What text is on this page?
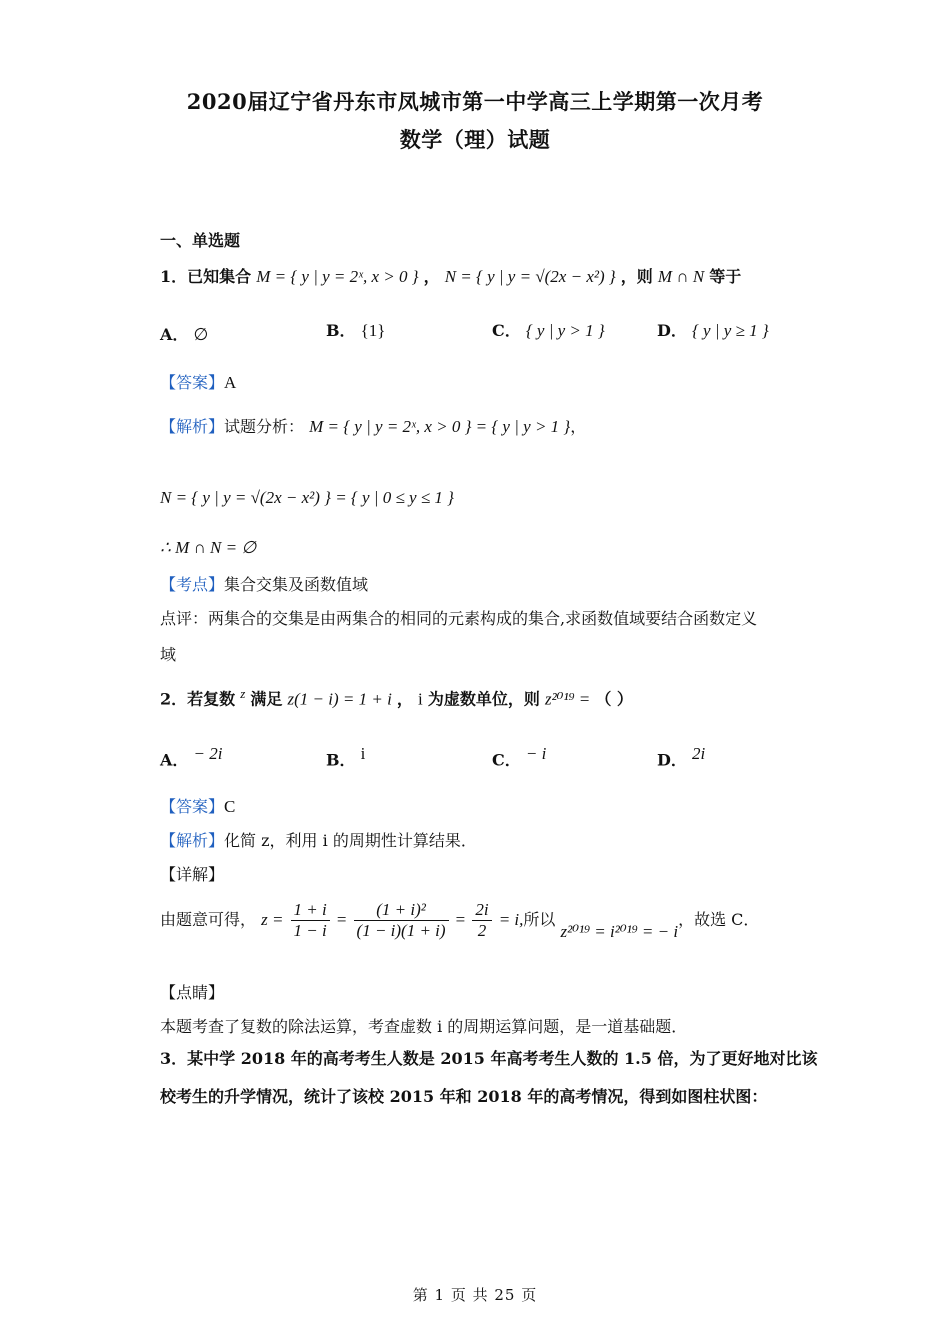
2020届辽宁省丹东市凤城市第一中学高三上学期第一次月考
数学（理）试题
一、单选题
1．已知集合 M = { y | y = 2ˣ, x > 0 } ， N = { y | y = √(2x − x²) } ，则 M ∩ N 等于
A． ∅	B． {1}	C． { y | y > 1 }	D． { y | y ≥ 1 }
【答案】A
【解析】试题分析： M = { y | y = 2ˣ, x > 0 } = { y | y > 1 }，
N = { y | y = √(2x − x²) } = { y | 0 ≤ y ≤ 1 }
∴ M ∩ N = ∅
【考点】集合交集及函数值域
点评：两集合的交集是由两集合的相同的元素构成的集合,求函数值域要结合函数定义
域
2．若复数 $^z$ 满足 z(1 − i) = 1 + i ， i 为虚数单位，则 z²⁰¹⁹ = （ ）
A． − 2i	B． i	C． − i	D． 2i
【答案】C
【解析】化简 z，利用 i 的周期性计算结果．
【详解】
由题意可得， $z = \frac{1 + i}{1 - i} = \frac{\text{(1 + i)²}}{(1 - i)(1 + i)} = \frac{2i}{2} = i$,所以 z²⁰¹⁹ = i²⁰¹⁹ = − i，故选 C．
【点睛】
本题考查了复数的除法运算，考查虚数 i 的周期运算问题，是一道基础题．
3．某中学 2018 年的高考考生人数是 2015 年高考考生人数的 1.5 倍，为了更好地对比该
校考生的升学情况，统计了该校 2015 年和 2018 年的高考情况，得到如图柱状图：
第 1 页 共 25 页
